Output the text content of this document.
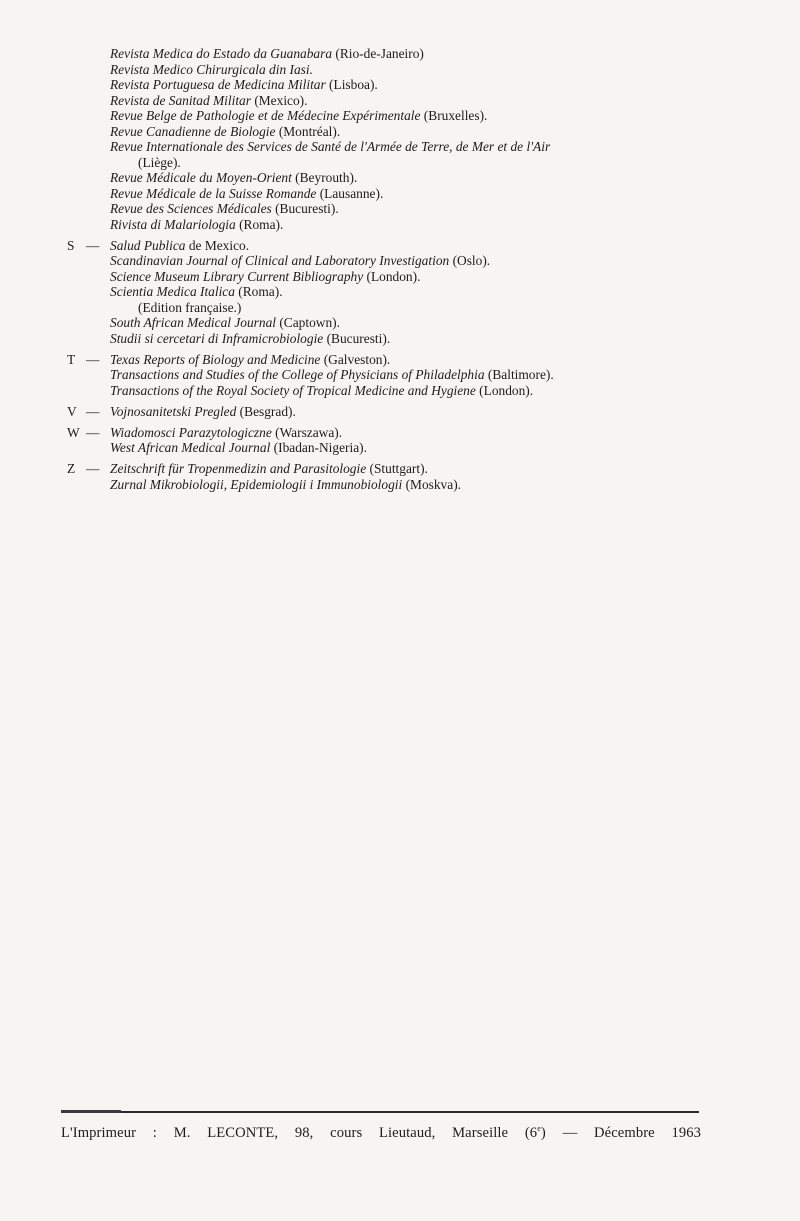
Revista Medica do Estado da Guanabara (Rio-de-Janeiro)
Revista Medico Chirurgicala din Iasi.
Revista Portuguesa de Medicina Militar (Lisboa).
Revista de Sanitad Militar (Mexico).
Revue Belge de Pathologie et de Médecine Expérimentale (Bruxelles).
Revue Canadienne de Biologie (Montréal).
Revue Internationale des Services de Santé de l'Armée de Terre, de Mer et de l'Air
(Liège).
Revue Médicale du Moyen-Orient (Beyrouth).
Revue Médicale de la Suisse Romande (Lausanne).
Revue des Sciences Médicales (Bucuresti).
Rivista di Malariologia (Roma).
S — Salud Publica de Mexico.
Scandinavian Journal of Clinical and Laboratory Investigation (Oslo).
Science Museum Library Current Bibliography (London).
Scientia Medica Italica (Roma).
(Edition française.)
South African Medical Journal (Captown).
Studii si cercetari di Inframicrobiologie (Bucuresti).
T — Texas Reports of Biology and Medicine (Galveston).
Transactions and Studies of the College of Physicians of Philadelphia (Baltimore).
Transactions of the Royal Society of Tropical Medicine and Hygiene (London).
V — Vojnosanitetski Pregled (Besgrad).
W — Wiadomosci Parazytologiczne (Warszawa).
West African Medical Journal (Ibadan-Nigeria).
Z — Zeitschrift für Tropenmedizin and Parasitologie (Stuttgart).
Zurnal Mikrobiologii, Epidemiologii i Immunobiologii (Moskva).
L'Imprimeur : M. LECONTE, 98, cours Lieutaud, Marseille (6e) — Décembre 1963
